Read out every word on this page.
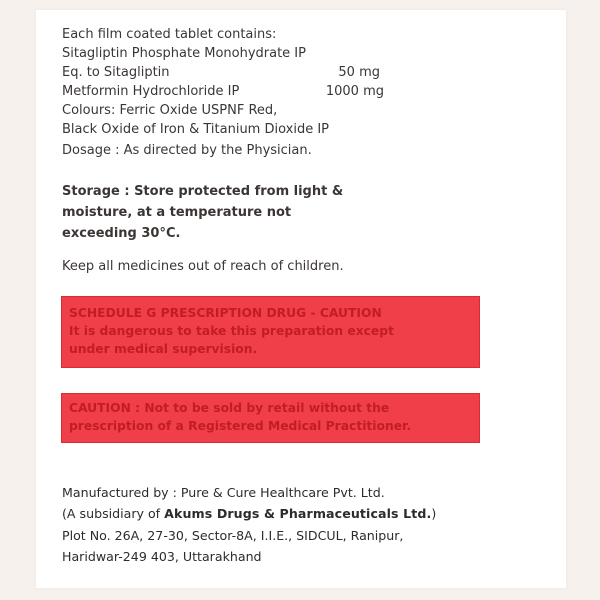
Each film coated tablet contains:
Sitagliptin Phosphate Monohydrate IP
Eq. to Sitagliptin	50 mg
Metformin Hydrochloride IP	1000 mg
Colours: Ferric Oxide USPNF Red,
Black Oxide of Iron & Titanium Dioxide IP
Dosage : As directed by the Physician.
Storage : Store protected from light &
moisture, at a temperature not
exceeding 30°C.
Keep all medicines out of reach of children.
SCHEDULE G PRESCRIPTION DRUG - CAUTION
It is dangerous to take this preparation except
under medical supervision.
CAUTION : Not to be sold by retail without the
prescription of a Registered Medical Practitioner.
Manufactured by : Pure & Cure Healthcare Pvt. Ltd.
(A subsidiary of Akums Drugs & Pharmaceuticals Ltd.)
Plot No. 26A, 27-30, Sector-8A, I.I.E., SIDCUL, Ranipur,
Haridwar-249 403, Uttarakhand
